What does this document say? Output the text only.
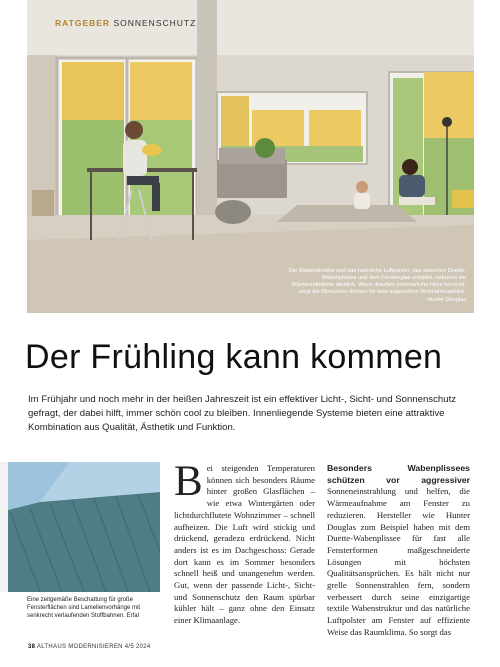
RATGEBER SONNENSCHUTZ
Die Wabenstruktur und das natürliche Luftpolster, das zwischen Duette-Wabenplissee und dem Fensterglas entsteht, reduziert die Wärmeaufnahme deutlich. Wenn draußen sommerliche Hitze herrscht, sorgt die Klimazone drinnen für eine angenehme Wohnatmosphäre. Hunter Douglas
Der Frühling kann kommen

Im Frühjahr und noch mehr in der heißen Jahreszeit ist ein effektiver Licht-, Sicht- und Sonnenschutz gefragt, der dabei hilft, immer schön cool zu bleiben. Innenliegende Systeme bieten eine attraktive Kombination aus Qualität, Ästhetik und Funktion.

Eine zeitgemäße Beschattung für große Fensterflächen sind Lamellenvorhänge mit senkrecht verlaufenden Stoffbahnen. Erfal

Bei steigenden Temperaturen können sich besonders Räume hinter großen Glasflächen – wie etwa Wintergärten oder lichtdurchflutete Wohnzimmer – schnell aufheizen. Die Luft wird stickig und drückend, geradezu erdrückend. Nicht anders ist es im Dachgeschoss: Gerade dort kann es im Sommer besonders schnell heiß und unangenehm werden. Gut, wenn der passende Licht-, Sicht- und Sonnenschutz den Raum spürbar kühler hält – ganz ohne den Einsatz einer Klimaanlage.

Besonders Wabenplissees schützen vor aggressiver Sonneneinstrahlung und helfen, die Wärmeaufnahme am Fenster zu reduzieren. Hersteller wie Hunter Douglas zum Beispiel haben mit dem Duette-Wabenplissee für fast alle Fensterformen maßgeschneiderte Lösungen mit höchsten Qualitätsansprüchen. Es hält nicht nur grelle Sonnenstrahlen fern, sondern verbessert durch seine einzigartige textile Wabenstruktur und das natürliche Luftpolster am Fenster auf effiziente Weise das Raumklima. So sorgt das

38 ALTHAUS MODERNISIEREN 4/5 2024
